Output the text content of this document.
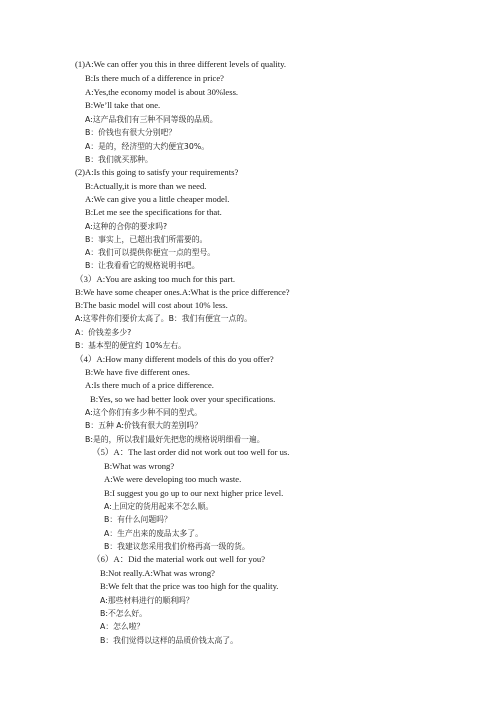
(1)A:We can offer you this in three different levels of quality.
B:Is there much of a difference in price?
A:Yes,the economy model is about 30%less.
B:We’ll take that one.
A:这产品我们有三种不同等级的品质。
B：价钱也有很大分别吧？
A：是的，经济型的大约便宜30%。
B：我们就买那种。
(2)A:Is this going to satisfy your requirements?
B:Actually,it is more than we need.
A:We can give you a little cheaper model.
B:Let me see the specifications for that.
A:这种的合你的要求吗?
B：事实上，已超出我们所需要的。
A：我们可以提供你便宜一点的型号。
B：让我看看它的规格说明书吧。
（3）A:You are asking too much for this part.
B:We have some cheaper ones.A:What is the price difference?
B:The basic model will cost about 10% less.
A:这零件你们要价太高了。B：我们有便宜一点的。
A：价钱差多少?
B：基本型的便宜约 10%左右。
（4）A:How many different models of this do you offer?
B:We have five different ones.
A:Is there much of a price difference.
B:Yes, so we had better look over your specifications.
A:这个你们有多少种不同的型式。
B：五种 A:价钱有很大的差别吗？
B:是的，所以我们最好先把您的规格说明细看一遍。
（5）A：The last order did not work out too well for us.
B:What was wrong?
A:We were developing too much waste.
B:I suggest you go up to our next higher price level.
A:上回定的货用起来不怎么顺。
B：有什么问题吗？
A：生产出来的废品太多了。
B：我建议您采用我们价格再高一级的货。
（6）A：Did the material work out well for you?
B:Not really.A:What was wrong?
B:We felt that the price was too high for the quality.
A:那些材料进行的顺利吗？
B:不怎么好。
A：怎么啦？
B：我们觉得以这样的品质价钱太高了。
